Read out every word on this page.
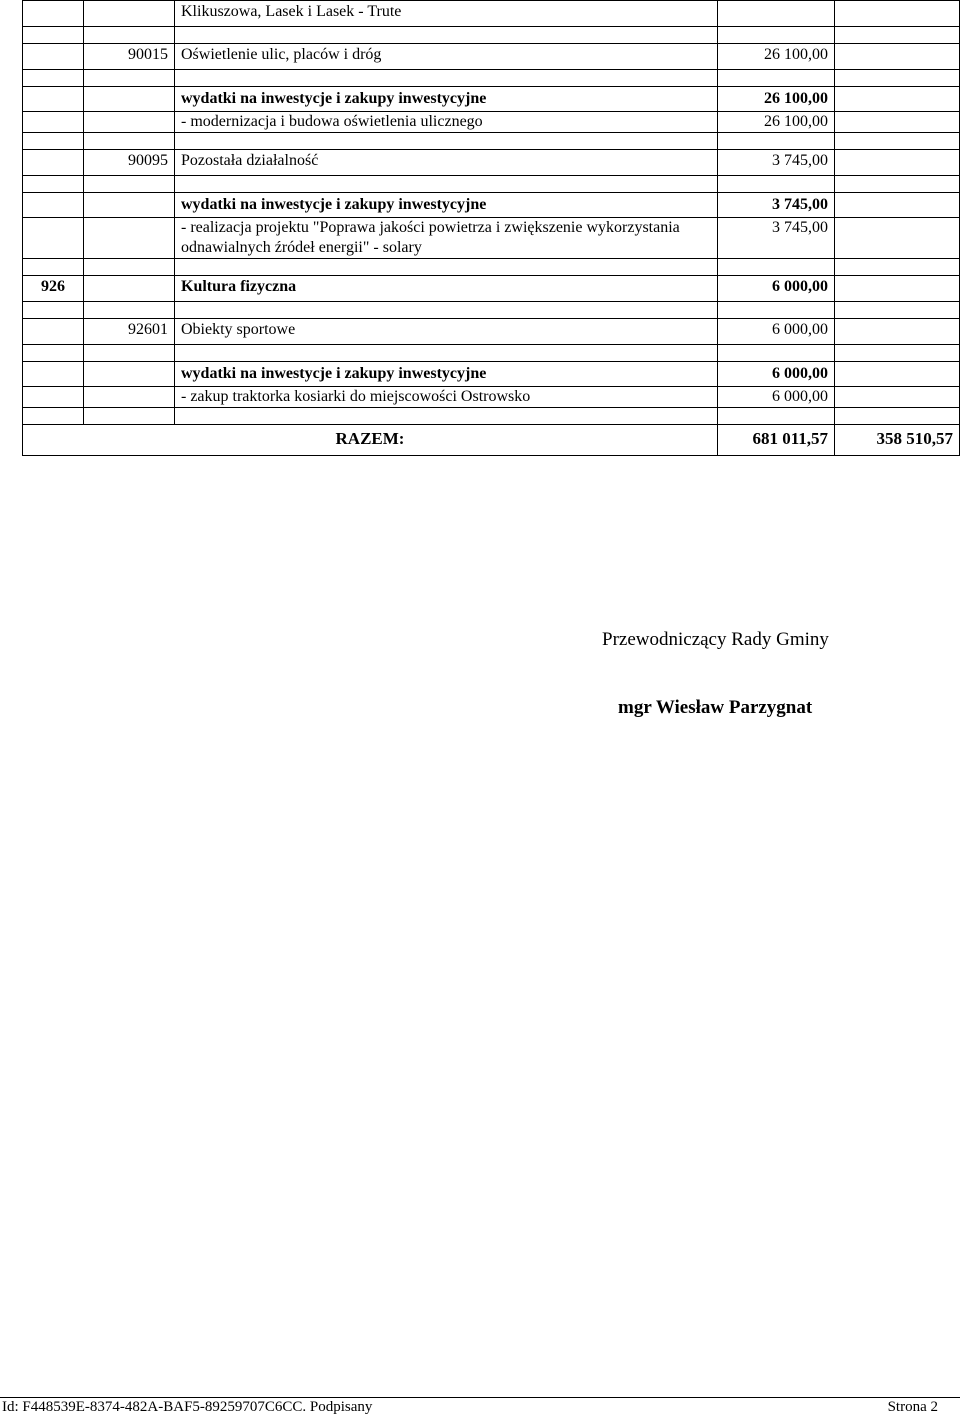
		Klikuszowa, Lasek i Lasek - Trute		

	90015	Oświetlenie ulic, placów i dróg	26 100,00	

		wydatki na inwestycje i zakupy inwestycyjne	26 100,00	
		- modernizacja i budowa oświetlenia ulicznego	26 100,00	

	90095	Pozostała działalność	3 745,00	

		wydatki na inwestycje i zakupy inwestycyjne	3 745,00	
		- realizacja projektu "Poprawa jakości powietrza i zwiększenie wykorzystania odnawialnych źródeł energii" - solary	3 745,00	

926		Kultura fizyczna	6 000,00	

	92601	Obiekty sportowe	6 000,00	

		wydatki na inwestycje i zakupy inwestycyjne	6 000,00	
		- zakup traktorka kosiarki do miejscowości Ostrowsko	6 000,00	

RAZEM:			681 011,57	358 510,57
Przewodniczący Rady Gminy
mgr Wiesław Parzygnat
Id: F448539E-8374-482A-BAF5-89259707C6CC. Podpisany	Strona 2
